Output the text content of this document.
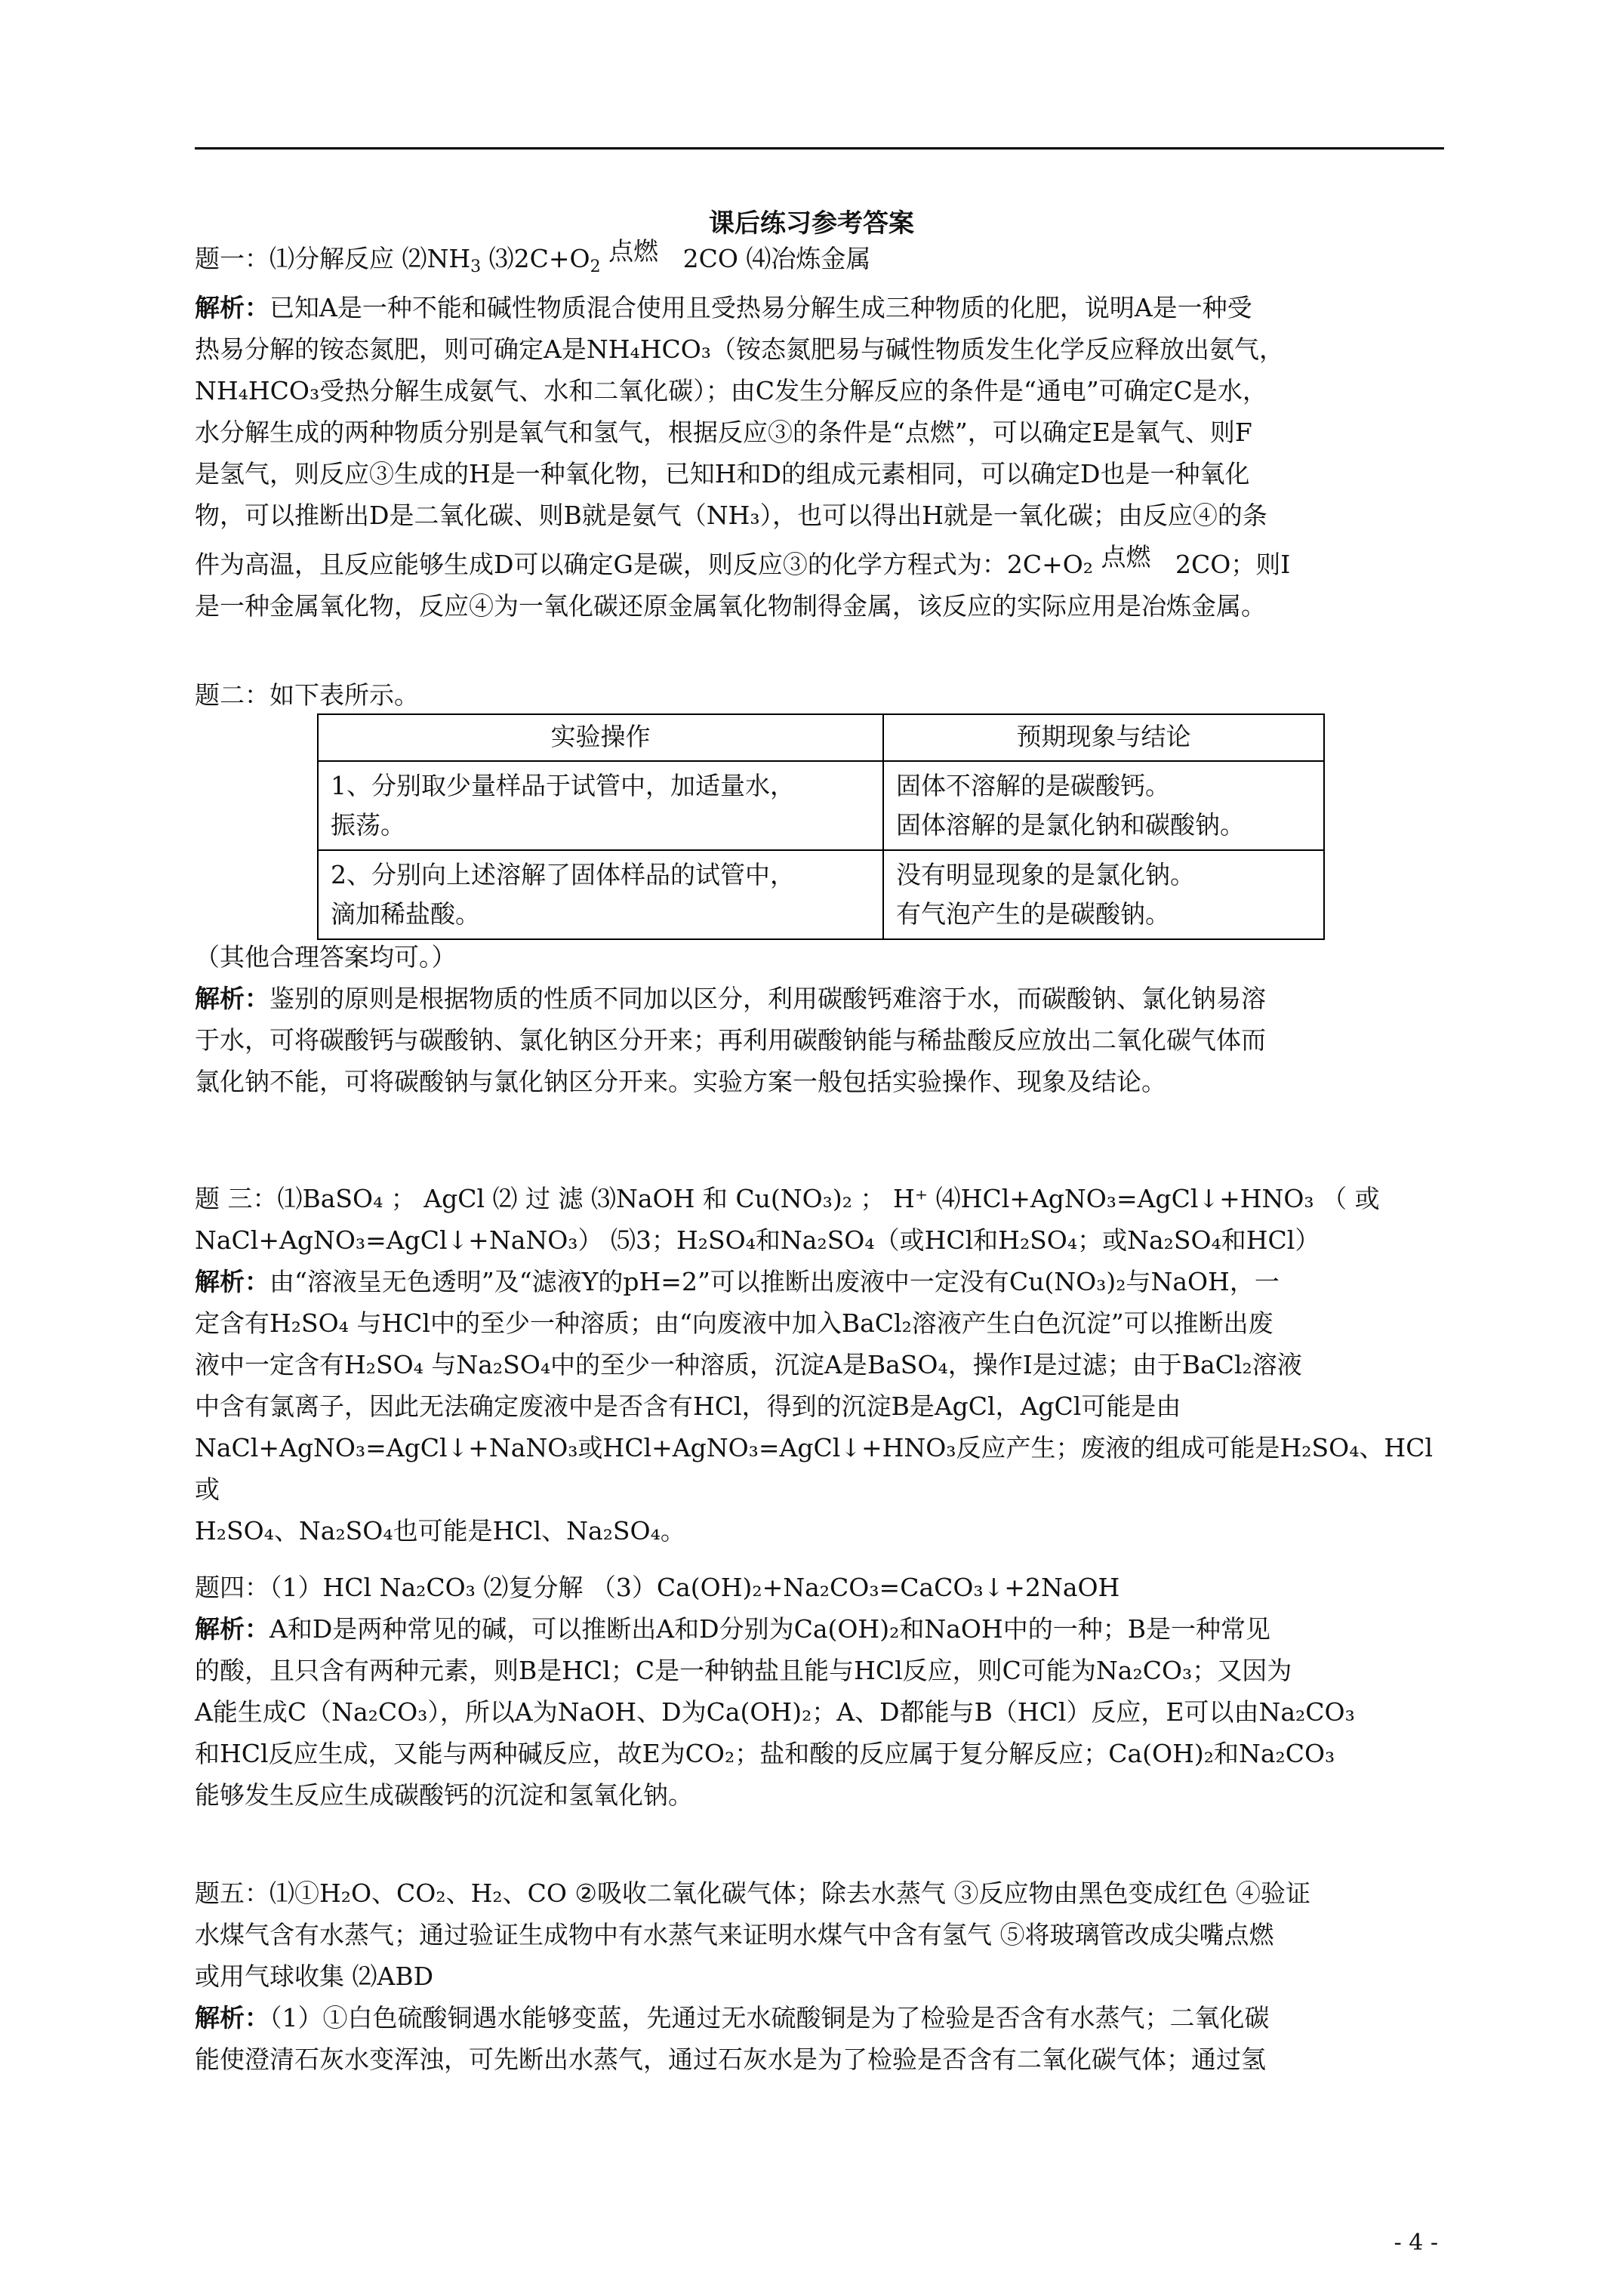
课后练习参考答案
题一：⑴分解反应 $⑵NH_3$ $⑶2C+O_2$
点燃 2CO ⑷冶炼金属
解析：已知A是一种不能和碱性物质混合使用且受热易分解生成三种物质的化肥，说明A是一种受
热易分解的铵态氮肥，则可确定A是NH₄HCO₃（铵态氮肥易与碱性物质发生化学反应释放出氨气，
NH₄HCO₃受热分解生成氨气、水和二氧化碳）；由C发生分解反应的条件是“通电”可确定C是水，
水分解生成的两种物质分别是氧气和氢气，根据反应③的条件是“点燃”，可以确定E是氧气、则F
是氢气，则反应③生成的H是一种氧化物，已知H和D的组成元素相同，可以确定D也是一种氧化
物，可以推断出D是二氧化碳、则B就是氨气（NH₃），也可以得出H就是一氧化碳；由反应④的条
件为高温，且反应能够生成D可以确定G是碳，则反应③的化学方程式为：2C+O₂ 点燃 2CO；则I
是一种金属氧化物，反应④为一氧化碳还原金属氧化物制得金属，该反应的实际应用是冶炼金属。
题二：如下表所示。
实验操作	预期现象与结论

1、分别取少量样品于试管中，加适量水，
振荡。	固体不溶解的是碳酸钙。
固体溶解的是氯化钠和碳酸钠。

2、分别向上述溶解了固体样品的试管中，
滴加稀盐酸。	没有明显现象的是氯化钠。
有气泡产生的是碳酸钠。
（其他合理答案均可。）
解析：鉴别的原则是根据物质的性质不同加以区分，利用碳酸钙难溶于水，而碳酸钠、氯化钠易溶
于水，可将碳酸钙与碳酸钠、氯化钠区分开来；再利用碳酸钠能与稀盐酸反应放出二氧化碳气体而
氯化钠不能，可将碳酸钠与氯化钠区分开来。实验方案一般包括实验操作、现象及结论。
题 三：⑴BaSO₄ ； AgCl ⑵ 过 滤 ⑶NaOH 和 Cu(NO₃)₂ ； H⁺ ⑷HCl+AgNO₃=AgCl↓+HNO₃ （ 或
NaCl+AgNO₃=AgCl↓+NaNO₃） ⑸3；H₂SO₄和Na₂SO₄（或HCl和H₂SO₄；或Na₂SO₄和HCl）
解析：由“溶液呈无色透明”及“滤液Y的pH=2”可以推断出废液中一定没有Cu(NO₃)₂与NaOH，一
定含有H₂SO₄ 与HCl中的至少一种溶质；由“向废液中加入BaCl₂溶液产生白色沉淀”可以推断出废
液中一定含有H₂SO₄ 与Na₂SO₄中的至少一种溶质，沉淀A是BaSO₄，操作I是过滤；由于BaCl₂溶液
中含有氯离子，因此无法确定废液中是否含有HCl，得到的沉淀B是AgCl，AgCl可能是由
NaCl+AgNO₃=AgCl↓+NaNO₃或HCl+AgNO₃=AgCl↓+HNO₃反应产生；废液的组成可能是H₂SO₄、HCl或
H₂SO₄、Na₂SO₄也可能是HCl、Na₂SO₄。
题四：（1）HCl Na₂CO₃ ⑵复分解 （3）Ca(OH)₂+Na₂CO₃=CaCO₃↓+2NaOH
解析：A和D是两种常见的碱，可以推断出A和D分别为Ca(OH)₂和NaOH中的一种；B是一种常见
的酸，且只含有两种元素，则B是HCl；C是一种钠盐且能与HCl反应，则C可能为Na₂CO₃；又因为
A能生成C（Na₂CO₃），所以A为NaOH、D为Ca(OH)₂；A、D都能与B（HCl）反应，E可以由Na₂CO₃
和HCl反应生成，又能与两种碱反应，故E为CO₂；盐和酸的反应属于复分解反应；Ca(OH)₂和Na₂CO₃
能够发生反应生成碳酸钙的沉淀和氢氧化钠。
题五：⑴①H₂O、CO₂、H₂、CO ②吸收二氧化碳气体；除去水蒸气 ③反应物由黑色变成红色 ④验证
水煤气含有水蒸气；通过验证生成物中有水蒸气来证明水煤气中含有氢气 ⑤将玻璃管改成尖嘴点燃
或用气球收集 ⑵ABD
解析：（1）①白色硫酸铜遇水能够变蓝，先通过无水硫酸铜是为了检验是否含有水蒸气；二氧化碳
能使澄清石灰水变浑浊，可先断出水蒸气，通过石灰水是为了检验是否含有二氧化碳气体；通过氢
- 4 -
